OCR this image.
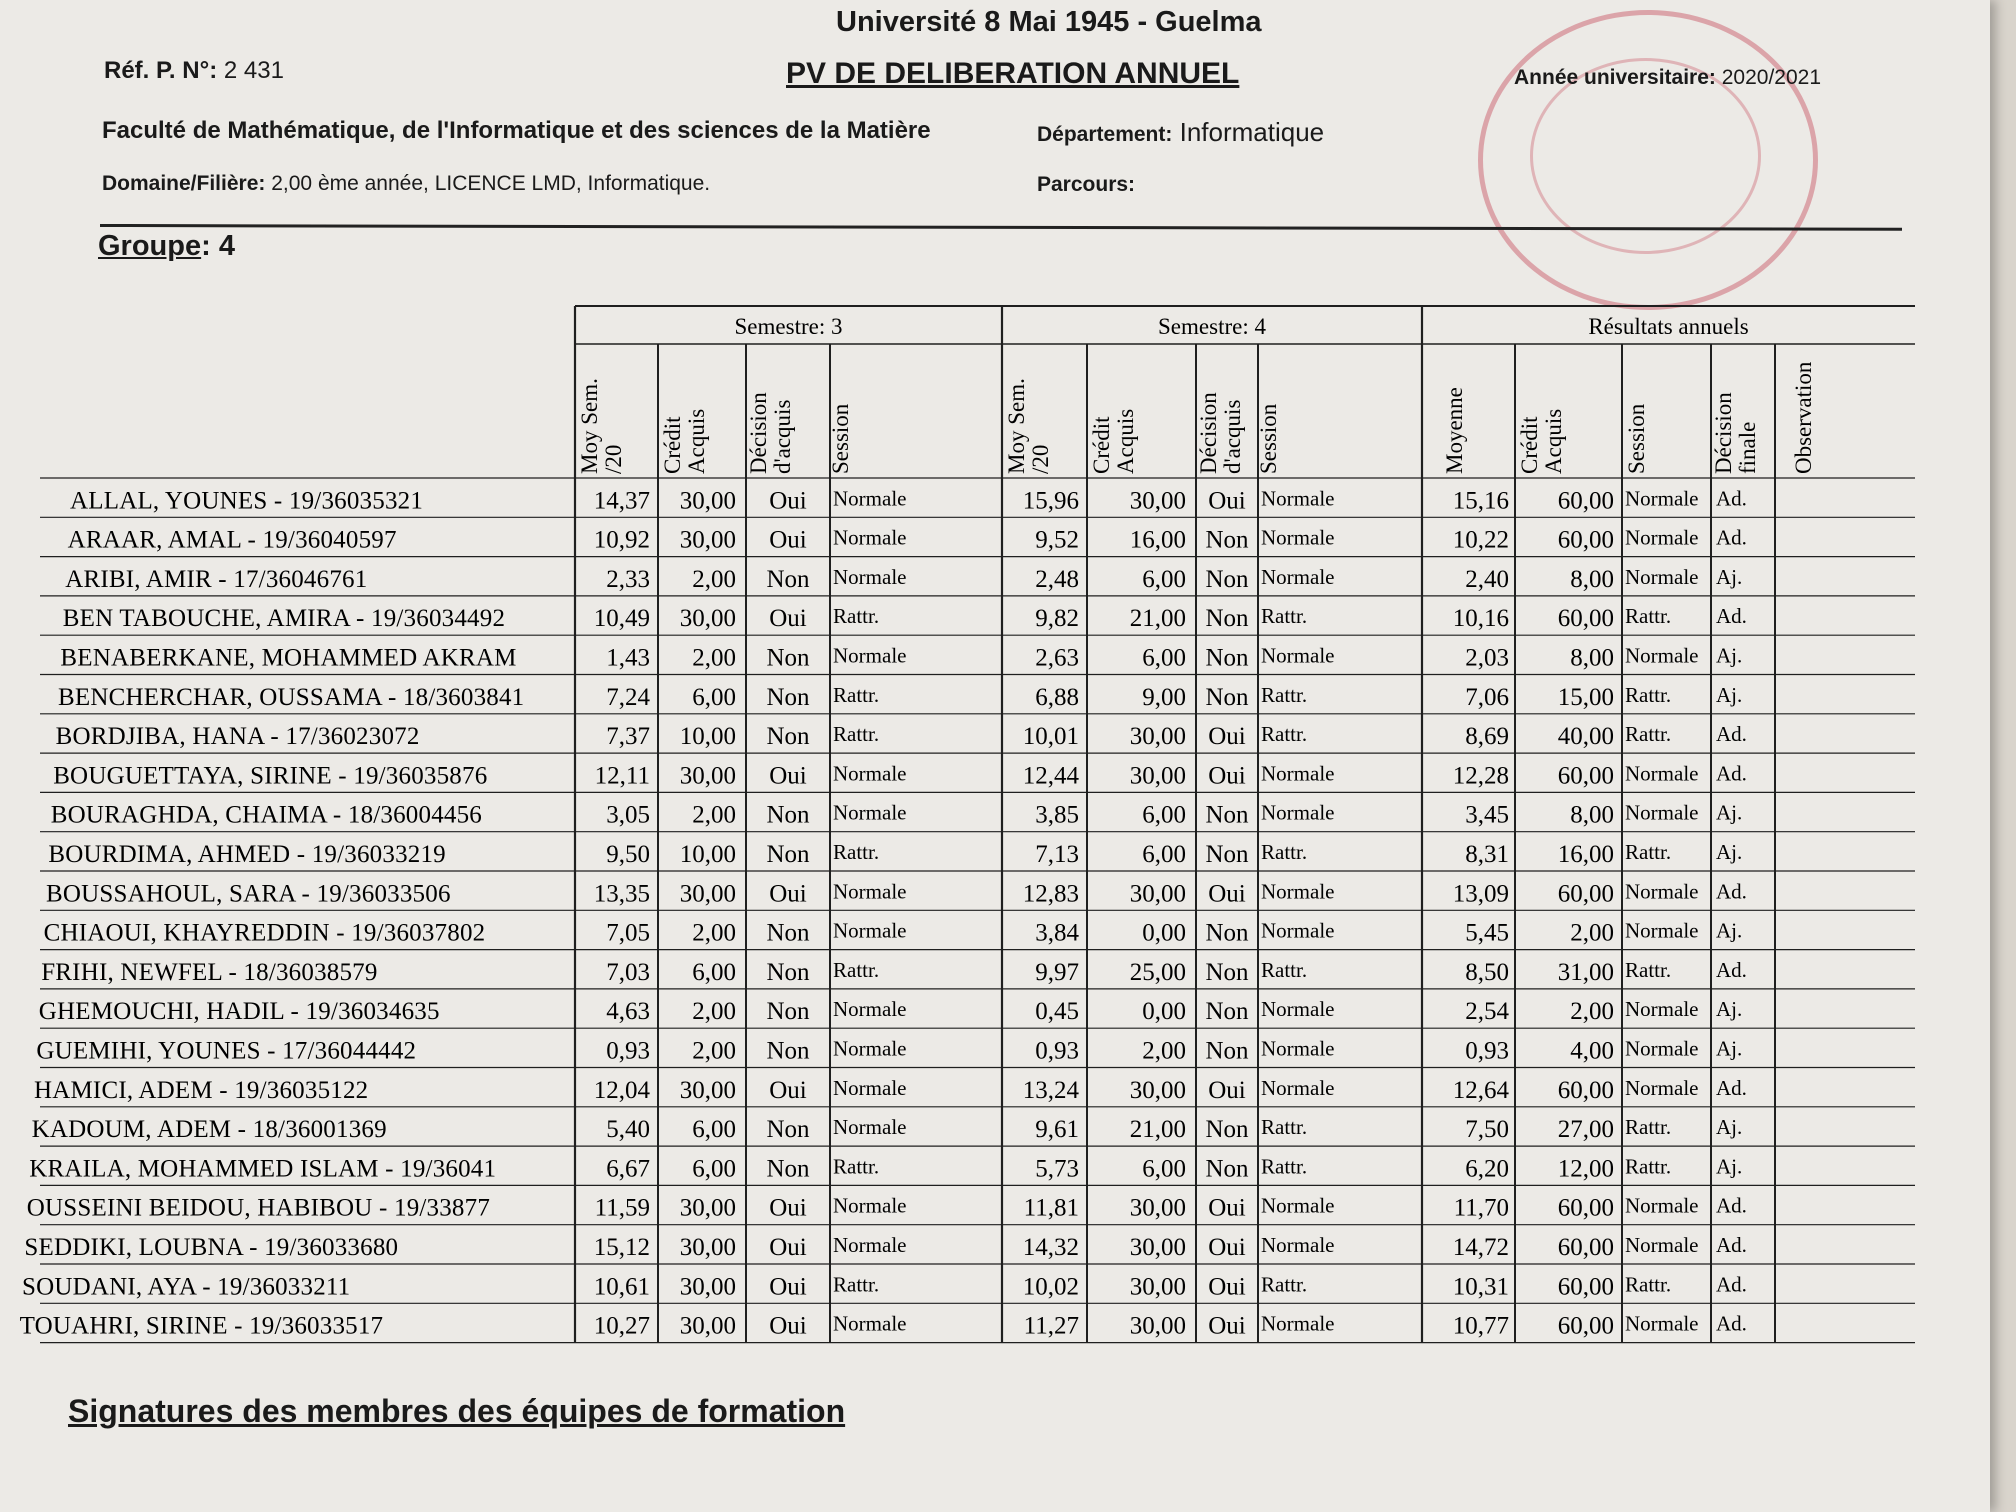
Université 8 Mai 1945 - Guelma
Réf. P. N°: 2 431	PV DE DELIBERATION ANNUEL	Année universitaire: 2020/2021
Faculté de Mathématique, de l'Informatique et des sciences de la Matière	Département: Informatique
Domaine/Filière: 2,00 ème année, LICENCE LMD, Informatique.	Parcours:
Groupe: 4
Semestre: 3	Semestre: 4	Résultats annuels
Moy Sem. /20 Crédit Acquis Décision d'acquis Session	Moy Sem. /20 Crédit Acquis	Décision d'acquis Session	Moyenne Crédit Acquis	Session	Décision finale Observation
ALLAL, YOUNES - 19/36035321	14,37 30,00 Oui Normale	15,96 30,00 Oui Normale	15,16 60,00 Normale Ad.
ARAAR, AMAL - 19/36040597	10,92 30,00 Oui Normale	9,52 16,00 Non Normale	10,22 60,00 Normale Ad.
ARIBI, AMIR - 17/36046761	2,33 2,00 Non Normale	2,48	6,00 Non Normale	2,40 8,00 Normale Aj.
BEN TABOUCHE, AMIRA - 19/36034492	10,49 30,00 Oui Rattr.	9,82 21,00 Non Rattr.	10,16 60,00 Rattr. Ad.
BENABERKANE, MOHAMMED AKRAM	1,43 2,00 Non Normale	2,63	6,00 Non Normale	2,03 8,00 Normale Aj.
BENCHERCHAR, OUSSAMA - 18/3603841	7,24 6,00 Non Rattr.	6,88	9,00 Non Rattr.	7,06 15,00 Rattr. Aj.
BORDJIBA, HANA - 17/36023072	7,37 10,00 Non Rattr.	10,01 30,00 Oui Rattr.	8,69 40,00 Rattr. Ad.
BOUGUETTAYA, SIRINE - 19/36035876	12,11 30,00 Oui Normale	12,44 30,00 Oui Normale	12,28 60,00 Normale Ad.
BOURAGHDA, CHAIMA - 18/36004456	3,05 2,00 Non Normale	3,85	6,00 Non Normale	3,45 8,00 Normale Aj.
BOURDIMA, AHMED - 19/36033219	9,50 10,00 Non Rattr.	7,13	6,00 Non Rattr.	8,31 16,00 Rattr. Aj.
BOUSSAHOUL, SARA - 19/36033506	13,35 30,00 Oui Normale	12,83 30,00 Oui Normale	13,09 60,00 Normale Ad.
CHIAOUI, KHAYREDDIN - 19/36037802	7,05 2,00 Non Normale	3,84	0,00 Non Normale	5,45 2,00 Normale Aj.
FRIHI, NEWFEL - 18/36038579	7,03 6,00 Non Rattr.	9,97 25,00 Non Rattr.	8,50 31,00 Rattr. Ad.
GHEMOUCHI, HADIL - 19/36034635	4,63 2,00 Non Normale	0,45	0,00 Non Normale	2,54 2,00 Normale Aj.
GUEMIHI, YOUNES - 17/36044442	0,93 2,00 Non Normale	0,93	2,00 Non Normale	0,93 4,00 Normale Aj.
HAMICI, ADEM - 19/36035122	12,04 30,00 Oui Normale	13,24 30,00 Oui Normale	12,64 60,00 Normale Ad.
KADOUM, ADEM - 18/36001369	5,40 6,00 Non Normale	9,61 21,00 Non Rattr.	7,50 27,00 Rattr. Aj.
KRAILA, MOHAMMED ISLAM - 19/36041	6,67 6,00 Non Rattr.	5,73	6,00 Non Rattr.	6,20 12,00 Rattr. Aj.
OUSSEINI BEIDOU, HABIBOU - 19/33877	11,59 30,00 Oui Normale	11,81 30,00 Oui Normale	11,70 60,00 Normale Ad.
SEDDIKI, LOUBNA - 19/36033680	15,12 30,00 Oui Normale	14,32 30,00 Oui Normale	14,72 60,00 Normale Ad.
SOUDANI, AYA - 19/36033211	10,61 30,00 Oui Rattr.	10,02 30,00 Oui Rattr.	10,31 60,00 Rattr. Ad.
TOUAHRI, SIRINE - 19/36033517	10,27 30,00 Oui Normale	11,27 30,00 Oui Normale	10,77 60,00 Normale Ad.
Signatures des membres des équipes de formation
